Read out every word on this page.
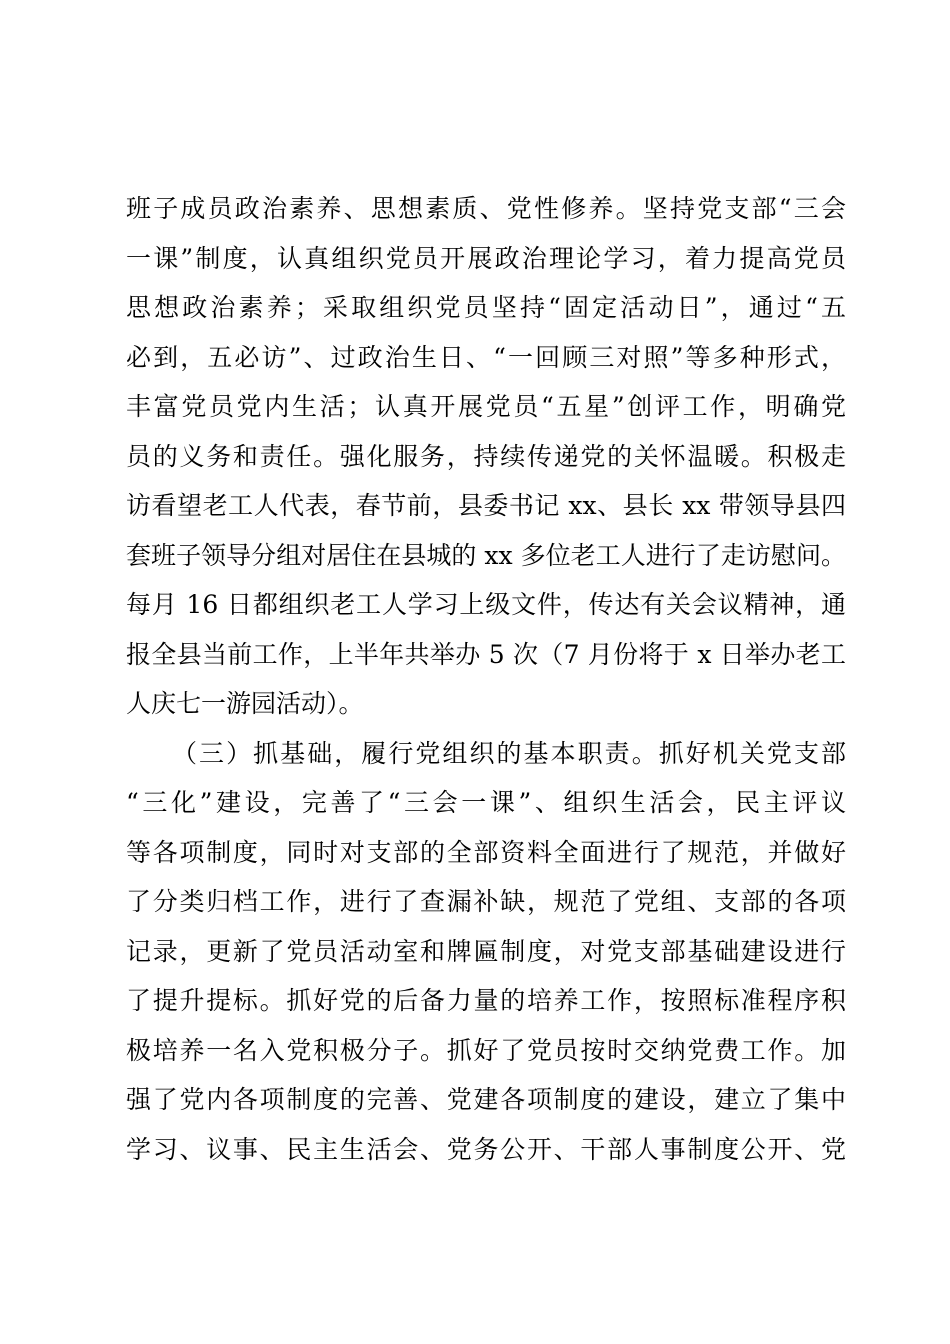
班子成员政治素养、思想素质、党性修养。坚持党支部“三会
一课”制度，认真组织党员开展政治理论学习，着力提高党员
思想政治素养；采取组织党员坚持“固定活动日”，通过“五
必到，五必访”、过政治生日、“一回顾三对照”等多种形式，
丰富党员党内生活；认真开展党员“五星”创评工作，明确党
员的义务和责任。强化服务，持续传递党的关怀温暖。积极走
访看望老工人代表，春节前，县委书记 xx、县长 xx 带领导县四
套班子领导分组对居住在县城的 xx 多位老工人进行了走访慰问。
每月 16 日都组织老工人学习上级文件，传达有关会议精神，通
报全县当前工作，上半年共举办 5 次（7 月份将于 x 日举办老工
人庆七一游园活动）。
（三）抓基础，履行党组织的基本职责。抓好机关党支部
“三化”建设，完善了“三会一课”、组织生活会，民主评议
等各项制度，同时对支部的全部资料全面进行了规范，并做好
了分类归档工作，进行了查漏补缺，规范了党组、支部的各项
记录，更新了党员活动室和牌匾制度，对党支部基础建设进行
了提升提标。抓好党的后备力量的培养工作，按照标准程序积
极培养一名入党积极分子。抓好了党员按时交纳党费工作。加
强了党内各项制度的完善、党建各项制度的建设，建立了集中
学习、议事、民主生活会、党务公开、干部人事制度公开、党
